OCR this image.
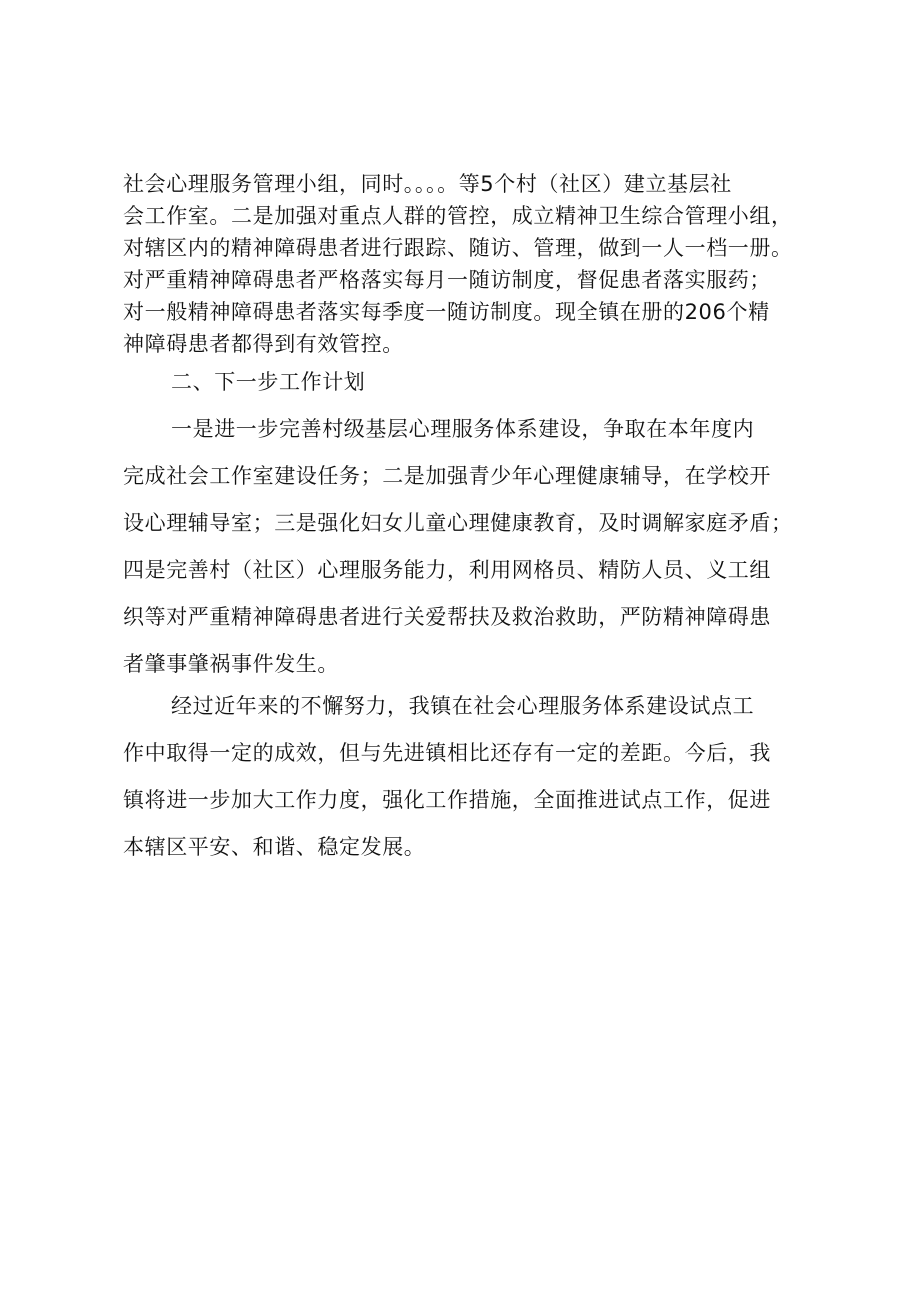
社会心理服务管理小组，同时。。。。等5个村（社区）建立基层社
会工作室。二是加强对重点人群的管控，成立精神卫生综合管理小组，
对辖区内的精神障碍患者进行跟踪、随访、管理，做到一人一档一册。
对严重精神障碍患者严格落实每月一随访制度，督促患者落实服药；
对一般精神障碍患者落实每季度一随访制度。现全镇在册的206个精
神障碍患者都得到有效管控。
二、下一步工作计划
一是进一步完善村级基层心理服务体系建设，争取在本年度内
完成社会工作室建设任务；二是加强青少年心理健康辅导，在学校开
设心理辅导室；三是强化妇女儿童心理健康教育，及时调解家庭矛盾；
四是完善村（社区）心理服务能力，利用网格员、精防人员、义工组
织等对严重精神障碍患者进行关爱帮扶及救治救助，严防精神障碍患
者肇事肇祸事件发生。
经过近年来的不懈努力，我镇在社会心理服务体系建设试点工
作中取得一定的成效，但与先进镇相比还存有一定的差距。今后，我
镇将进一步加大工作力度，强化工作措施，全面推进试点工作，促进
本辖区平安、和谐、稳定发展。
